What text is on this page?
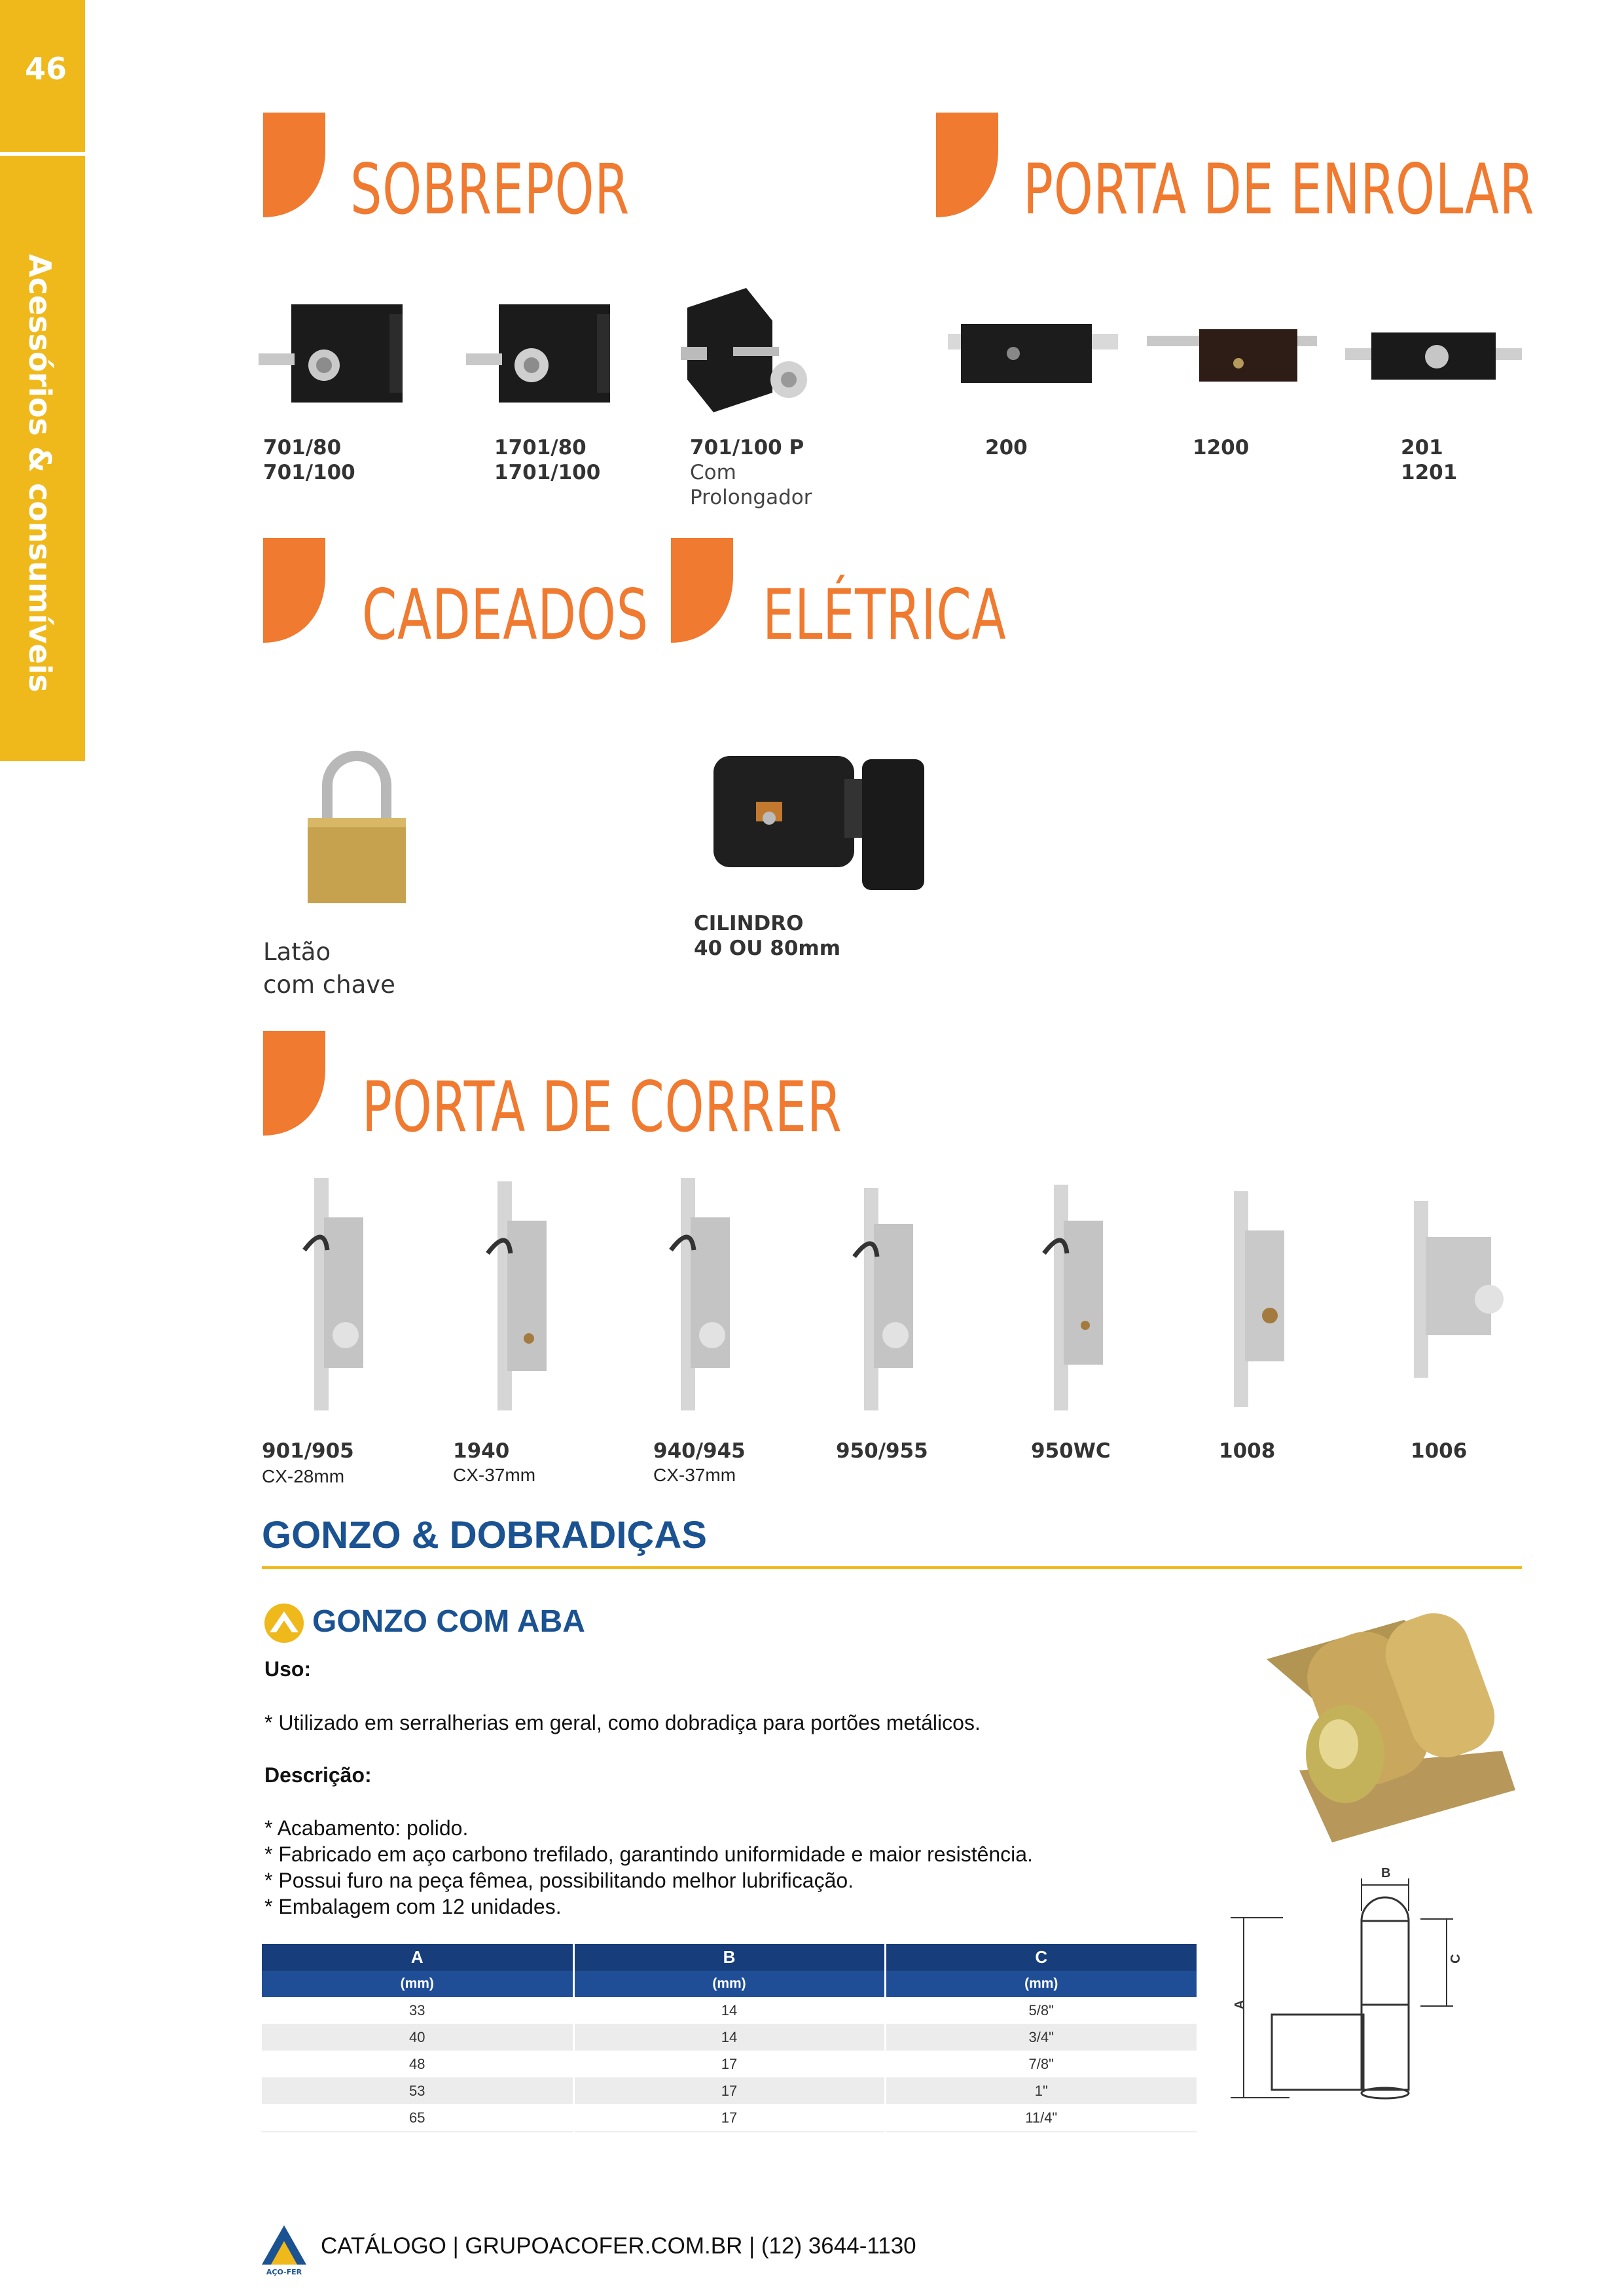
46
Acessórios & consumíveis
SOBREPOR
701/80
701/100
1701/80
1701/100
701/100 P
Com
Prolongador
PORTA DE ENROLAR
200	1200	201
1201
CADEADOS
Latão
com chave
ELÉTRICA
CILINDRO
40 OU 80mm
PORTA DE CORRER
901/905	1940	940/945	950/955	950WC	1008	1006
CX-28mm	CX-37mm	CX-37mm
GONZO & DOBRADIÇAS
GONZO COM ABA
Uso:
* Utilizado em serralherias em geral, como dobradiça para portões metálicos.
Descrição:
* Acabamento: polido.
* Fabricado em aço carbono trefilado, garantindo uniformidade e maior resistência.
* Possui furo na peça fêmea, possibilitando melhor lubrificação.
* Embalagem com 12 unidades.
A	B	C
(mm)	(mm)	(mm)
33	14	5/8"
40	14	3/4"
48	17	7/8"
53	17	1"
65	17	11/4"
B
C
A
AÇO-FER
CATÁLOGO | GRUPOACOFER.COM.BR | (12) 3644-1130
